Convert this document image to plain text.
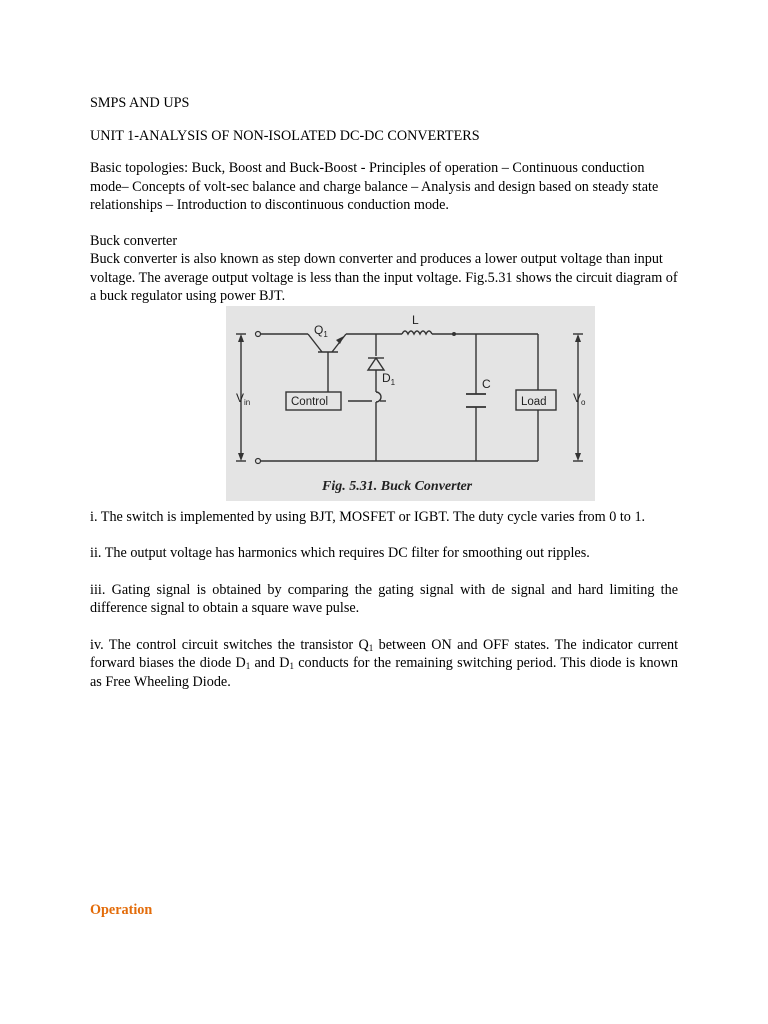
SMPS AND UPS

UNIT 1-ANALYSIS OF NON-ISOLATED DC-DC CONVERTERS

Basic topologies: Buck, Boost and Buck-Boost - Principles of operation – Continuous conduction mode– Concepts of volt-sec balance and charge balance – Analysis and design based on steady state relationships – Introduction to discontinuous conduction mode.

Buck converter

Buck converter is also known as step down converter and produces a lower output voltage than input voltage. The average output voltage is less than the input voltage. Fig.5.31 shows the circuit diagram of a buck regulator using power BJT.

L
$Q_1$
$D_1$	C
$V_{in}$	$V_o$
Control	Load
Fig. 5.31. Buck Converter

i. The switch is implemented by using BJT, MOSFET or IGBT. The duty cycle varies from 0 to 1.

ii. The output voltage has harmonics which requires DC filter for smoothing out ripples.

iii. Gating signal is obtained by comparing the gating signal with de signal and hard limiting the difference signal to obtain a square wave pulse.

iv. The control circuit switches the transistor $Q_1$ between ON and OFF states. The indicator current forward biases the diode $D_1$ and $D_1$ conducts for the remaining switching period. This diode is known as Free Wheeling Diode.

Operation
